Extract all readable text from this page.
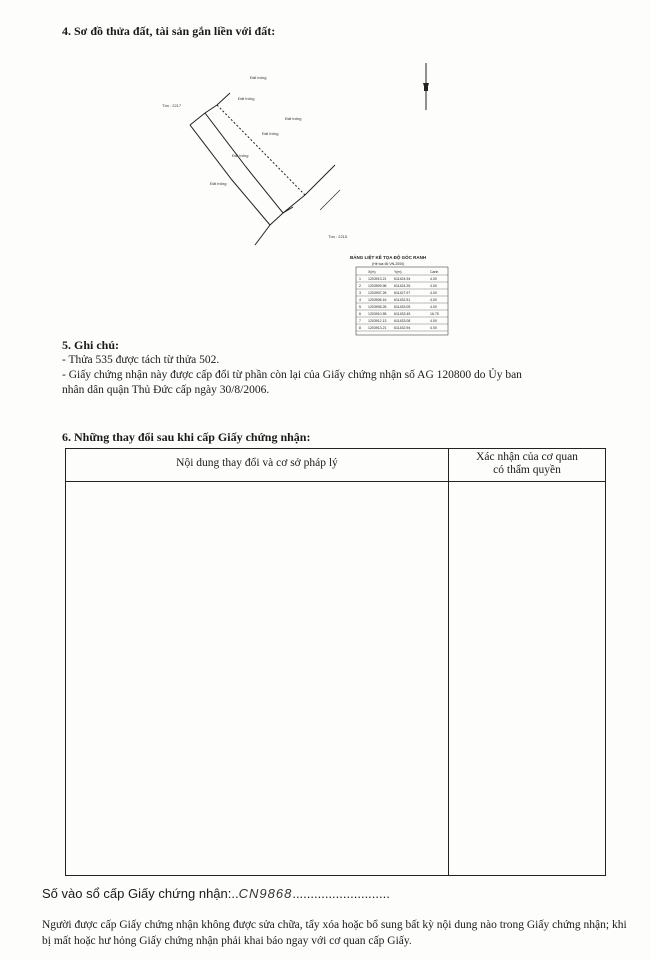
4. Sơ đồ thửa đất, tài sản gắn liền với đất:
Tồn : 2217
Đất trống
Đất trống
Đất trống
Đất trống
Đất trống
Đất trống
Tồn : 2215
BẢNG LIỆT KÊ TỌA ĐỘ GÓC RANH
(Hệ tọa độ VN-2000)
X(m)	Y(m)	Cạnh
1 1203913.21 611424.94	4.00
2 1203909.96 611424.25	4.00
3 1203907.26 611427.97	4.00
4 1203906.16 611432.51	4.00
5 1203905.26 611433.05	4.00
6 1203910.55 611433.45	16.75
7 1203912.13 611433.08	4.00
8 1203913.21 611432.94	4.00
5. Ghi chú:
- Thửa 535 được tách từ thửa 502.
- Giấy chứng nhận này được cấp đổi từ phần còn lại của Giấy chứng nhận số AG 120800 do Ủy ban
nhân dân quận Thủ Đức cấp ngày 30/8/2006.
6. Những thay đổi sau khi cấp Giấy chứng nhận:
Nội dung thay đổi và cơ sở pháp lý	Xác nhận của cơ quan
có thẩm quyền
Số vào sổ cấp Giấy chứng nhận:..CN9868...........................
Người được cấp Giấy chứng nhận không được sửa chữa, tẩy xóa hoặc bổ sung bất kỳ nội dung nào trong Giấy chứng nhận; khi bị mất hoặc hư hỏng Giấy chứng nhận phải khai báo ngay với cơ quan cấp Giấy.
